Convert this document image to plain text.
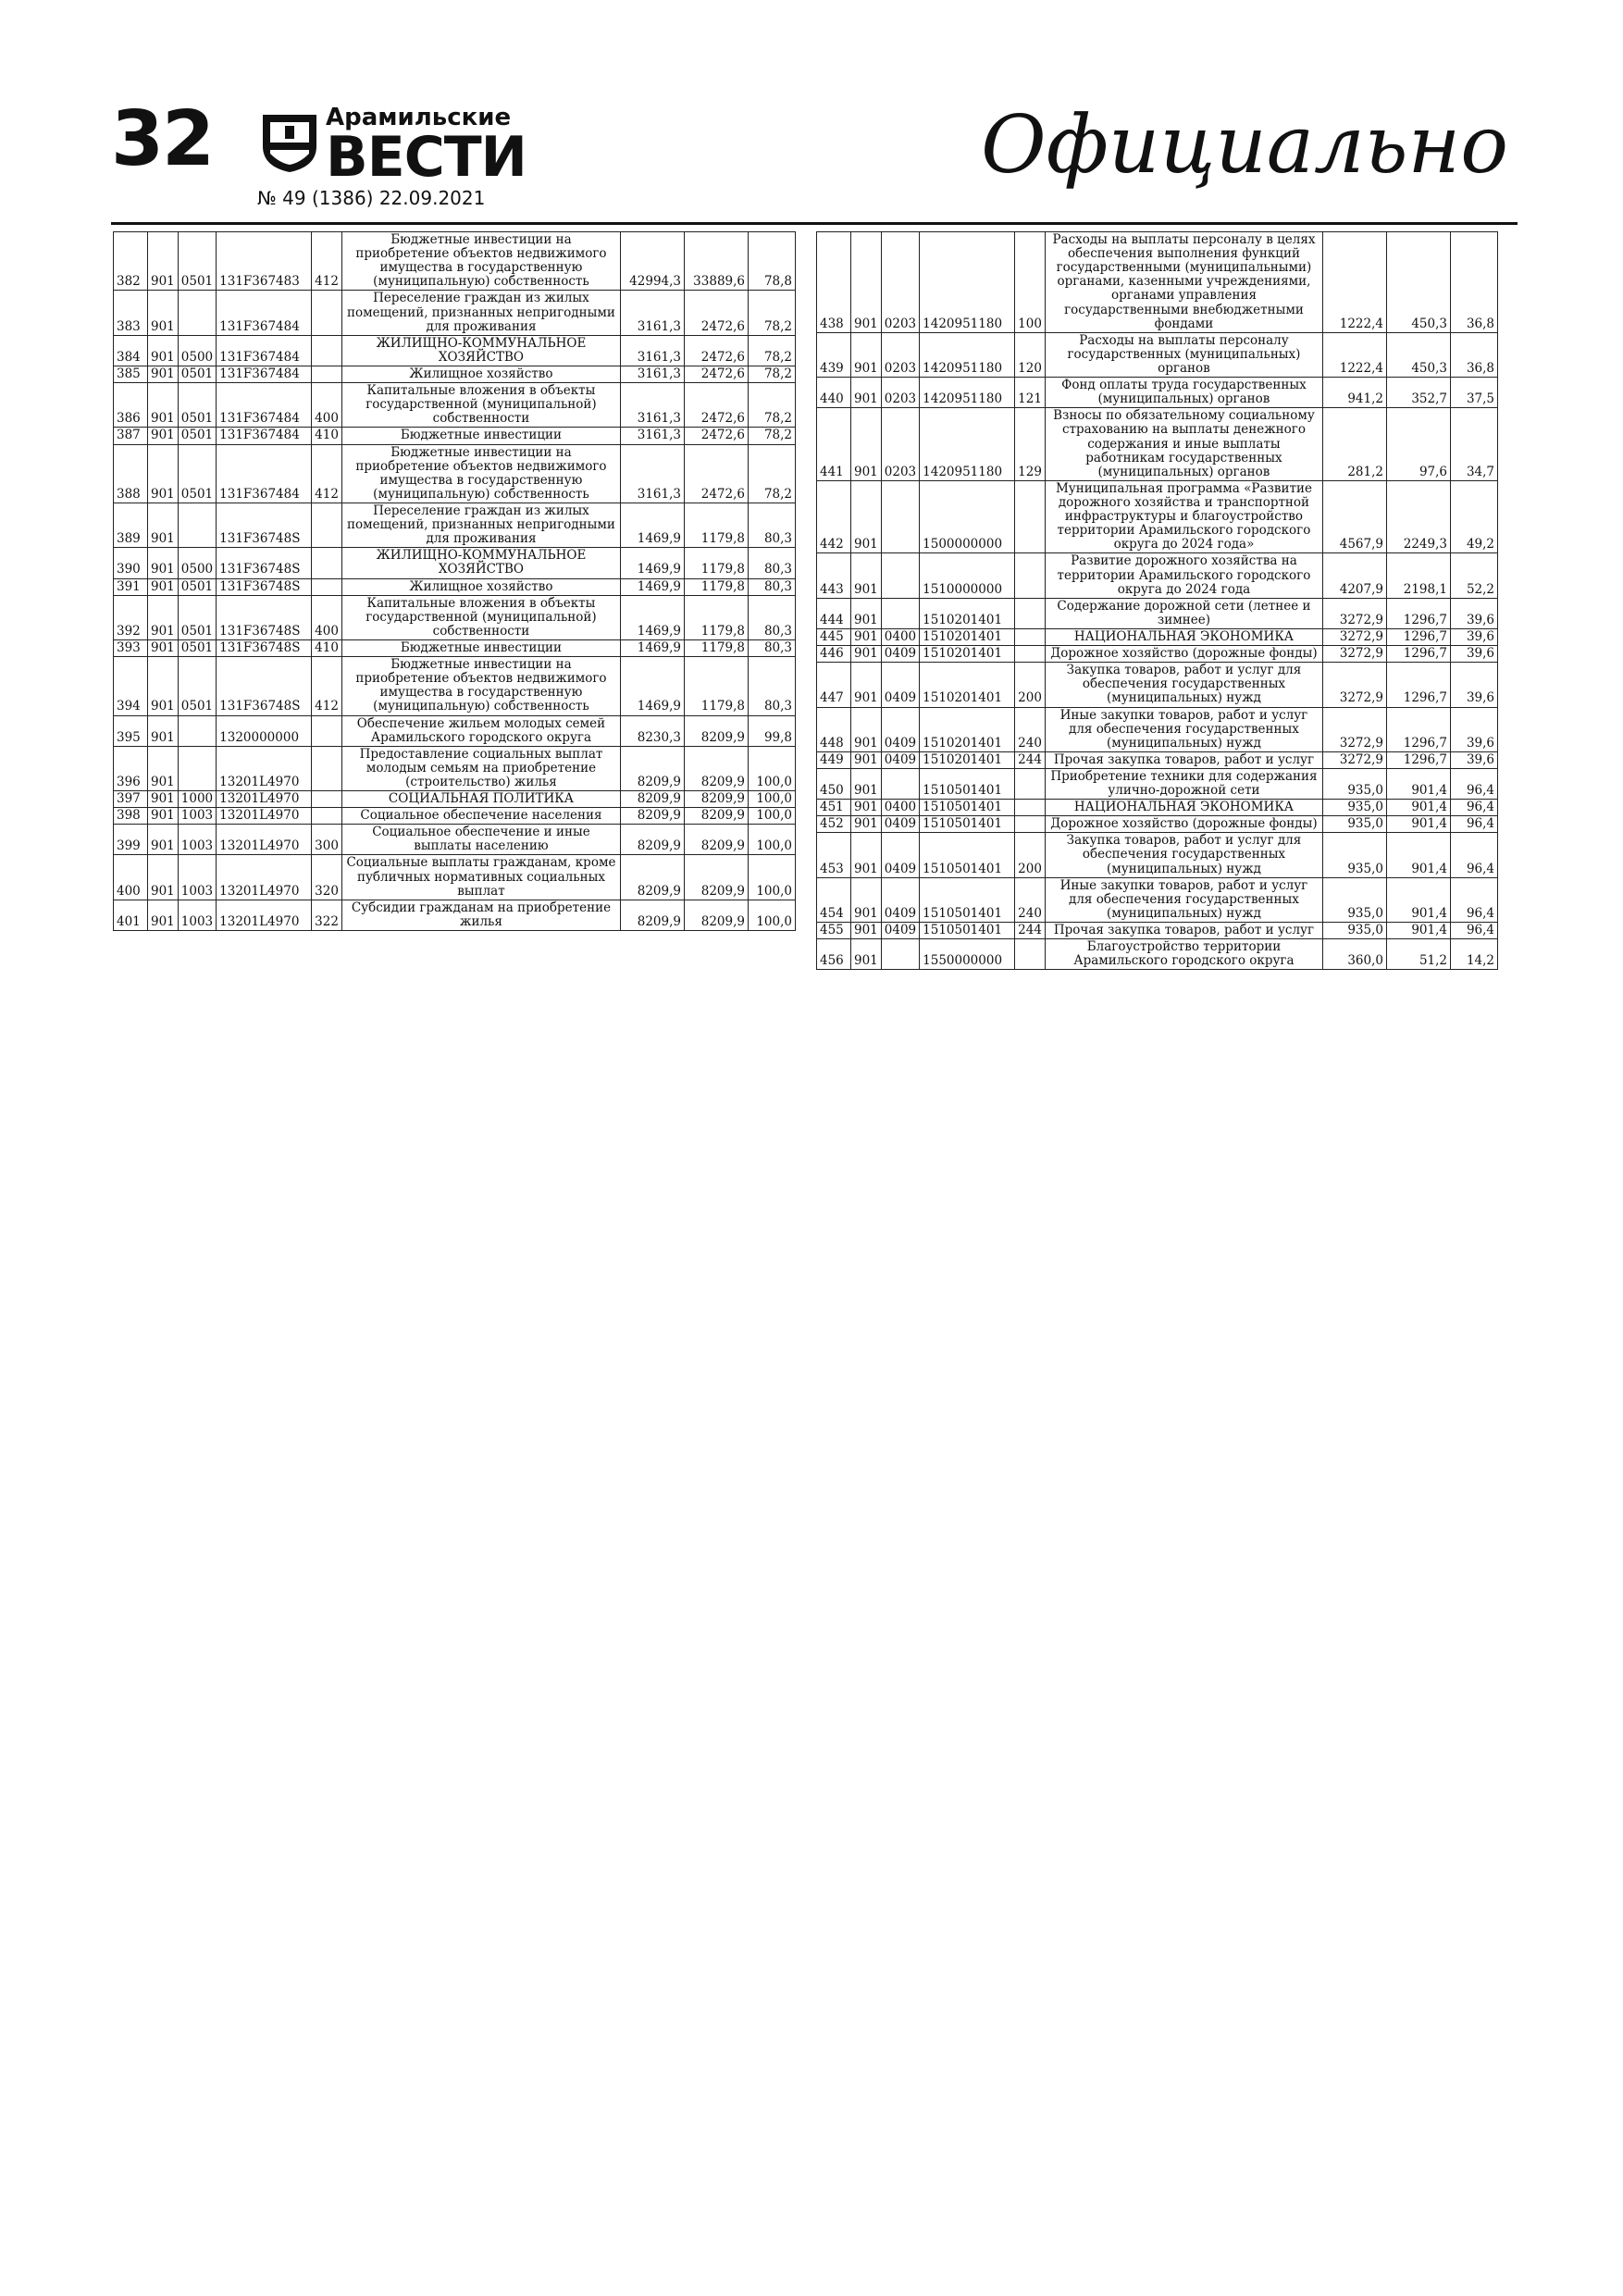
32	Арамильские
ВЕСТИ
№ 49 (1386) 22.09.2021
Официально
382	901	0501	131F367483	412	Бюджетные инвестиции на приобретение объектов недвижимого имущества в государственную (муниципальную) собственность	42994,3	33889,6	78,8
383	901		131F367484		Переселение граждан из жилых помещений, признанных непригодными для проживания	3161,3	2472,6	78,2
384	901	0500	131F367484		ЖИЛИЩНО-КОММУНАЛЬНОЕ ХОЗЯЙСТВО	3161,3	2472,6	78,2
385	901	0501	131F367484		Жилищное хозяйство	3161,3	2472,6	78,2
386	901	0501	131F367484	400	Капитальные вложения в объекты государственной (муниципальной) собственности	3161,3	2472,6	78,2
387	901	0501	131F367484	410	Бюджетные инвестиции	3161,3	2472,6	78,2
388	901	0501	131F367484	412	Бюджетные инвестиции на приобретение объектов недвижимого имущества в государственную (муниципальную) собственность	3161,3	2472,6	78,2
389	901		131F36748S		Переселение граждан из жилых помещений, признанных непригодными для проживания	1469,9	1179,8	80,3
390	901	0500	131F36748S		ЖИЛИЩНО-КОММУНАЛЬНОЕ ХОЗЯЙСТВО	1469,9	1179,8	80,3
391	901	0501	131F36748S		Жилищное хозяйство	1469,9	1179,8	80,3
392	901	0501	131F36748S	400	Капитальные вложения в объекты государственной (муниципальной) собственности	1469,9	1179,8	80,3
393	901	0501	131F36748S	410	Бюджетные инвестиции	1469,9	1179,8	80,3
394	901	0501	131F36748S	412	Бюджетные инвестиции на приобретение объектов недвижимого имущества в государственную (муниципальную) собственность	1469,9	1179,8	80,3
395	901		1320000000		Обеспечение жильем молодых семей Арамильского городского округа	8230,3	8209,9	99,8
396	901		13201L4970		Предоставление социальных выплат молодым семьям на приобретение (строительство) жилья	8209,9	8209,9	100,0
397	901	1000	13201L4970		СОЦИАЛЬНАЯ ПОЛИТИКА	8209,9	8209,9	100,0
398	901	1003	13201L4970		Социальное обеспечение населения	8209,9	8209,9	100,0
399	901	1003	13201L4970	300	Социальное обеспечение и иные выплаты населению	8209,9	8209,9	100,0
400	901	1003	13201L4970	320	Социальные выплаты гражданам, кроме публичных нормативных социальных выплат	8209,9	8209,9	100,0
401	901	1003	13201L4970	322	Субсидии гражданам на приобретение жилья	8209,9	8209,9	100,0
438	901	0203	1420951180	100	Расходы на выплаты персоналу в целях обеспечения выполнения функций государственными (муниципальными) органами, казенными учреждениями, органами управления государственными внебюджетными фондами	1222,4	450,3	36,8
439	901	0203	1420951180	120	Расходы на выплаты персоналу государственных (муниципальных) органов	1222,4	450,3	36,8
440	901	0203	1420951180	121	Фонд оплаты труда государственных (муниципальных) органов	941,2	352,7	37,5
441	901	0203	1420951180	129	Взносы по обязательному социальному страхованию на выплаты денежного содержания и иные выплаты работникам государственных (муниципальных) органов	281,2	97,6	34,7
442	901		1500000000		Муниципальная программа «Развитие дорожного хозяйства и транспортной инфраструктуры и благоустройство территории Арамильского городского округа до 2024 года»	4567,9	2249,3	49,2
443	901		1510000000		Развитие дорожного хозяйства на территории Арамильского городского округа до 2024 года	4207,9	2198,1	52,2
444	901		1510201401		Содержание дорожной сети (летнее и зимнее)	3272,9	1296,7	39,6
445	901	0400	1510201401		НАЦИОНАЛЬНАЯ ЭКОНОМИКА	3272,9	1296,7	39,6
446	901	0409	1510201401		Дорожное хозяйство (дорожные фонды)	3272,9	1296,7	39,6
447	901	0409	1510201401	200	Закупка товаров, работ и услуг для обеспечения государственных (муниципальных) нужд	3272,9	1296,7	39,6
448	901	0409	1510201401	240	Иные закупки товаров, работ и услуг для обеспечения государственных (муниципальных) нужд	3272,9	1296,7	39,6
449	901	0409	1510201401	244	Прочая закупка товаров, работ и услуг	3272,9	1296,7	39,6
450	901		1510501401		Приобретение техники для содержания улично-дорожной сети	935,0	901,4	96,4
451	901	0400	1510501401		НАЦИОНАЛЬНАЯ ЭКОНОМИКА	935,0	901,4	96,4
452	901	0409	1510501401		Дорожное хозяйство (дорожные фонды)	935,0	901,4	96,4
453	901	0409	1510501401	200	Закупка товаров, работ и услуг для обеспечения государственных (муниципальных) нужд	935,0	901,4	96,4
454	901	0409	1510501401	240	Иные закупки товаров, работ и услуг для обеспечения государственных (муниципальных) нужд	935,0	901,4	96,4
455	901	0409	1510501401	244	Прочая закупка товаров, работ и услуг	935,0	901,4	96,4
456	901		1550000000		Благоустройство территории Арамильского городского округа	360,0	51,2	14,2
